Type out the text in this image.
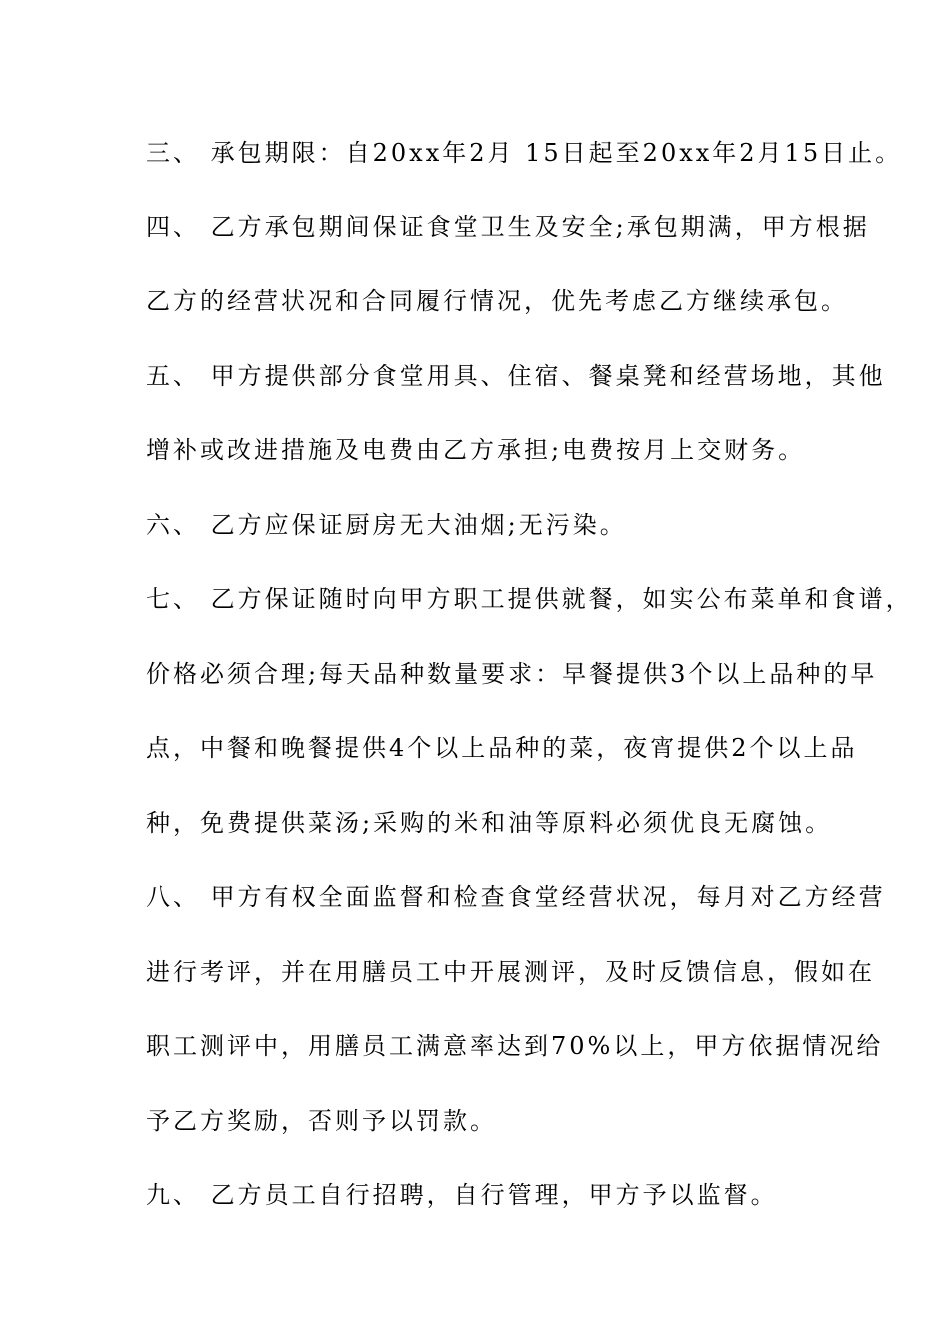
三、 承包期限：自20xx年2月 15日起至20xx年2月15日止。
四、 乙方承包期间保证食堂卫生及安全;承包期满，甲方根据
乙方的经营状况和合同履行情况，优先考虑乙方继续承包。
五、 甲方提供部分食堂用具、住宿、餐桌凳和经营场地，其他
增补或改进措施及电费由乙方承担;电费按月上交财务。
六、 乙方应保证厨房无大油烟;无污染。
七、 乙方保证随时向甲方职工提供就餐，如实公布菜单和食谱，
价格必须合理;每天品种数量要求：早餐提供3个以上品种的早
点，中餐和晚餐提供4个以上品种的菜，夜宵提供2个以上品
种，免费提供菜汤;采购的米和油等原料必须优良无腐蚀。
八、 甲方有权全面监督和检查食堂经营状况，每月对乙方经营
进行考评，并在用膳员工中开展测评，及时反馈信息，假如在
职工测评中，用膳员工满意率达到70%以上，甲方依据情况给
予乙方奖励，否则予以罚款。
九、 乙方员工自行招聘，自行管理，甲方予以监督。
